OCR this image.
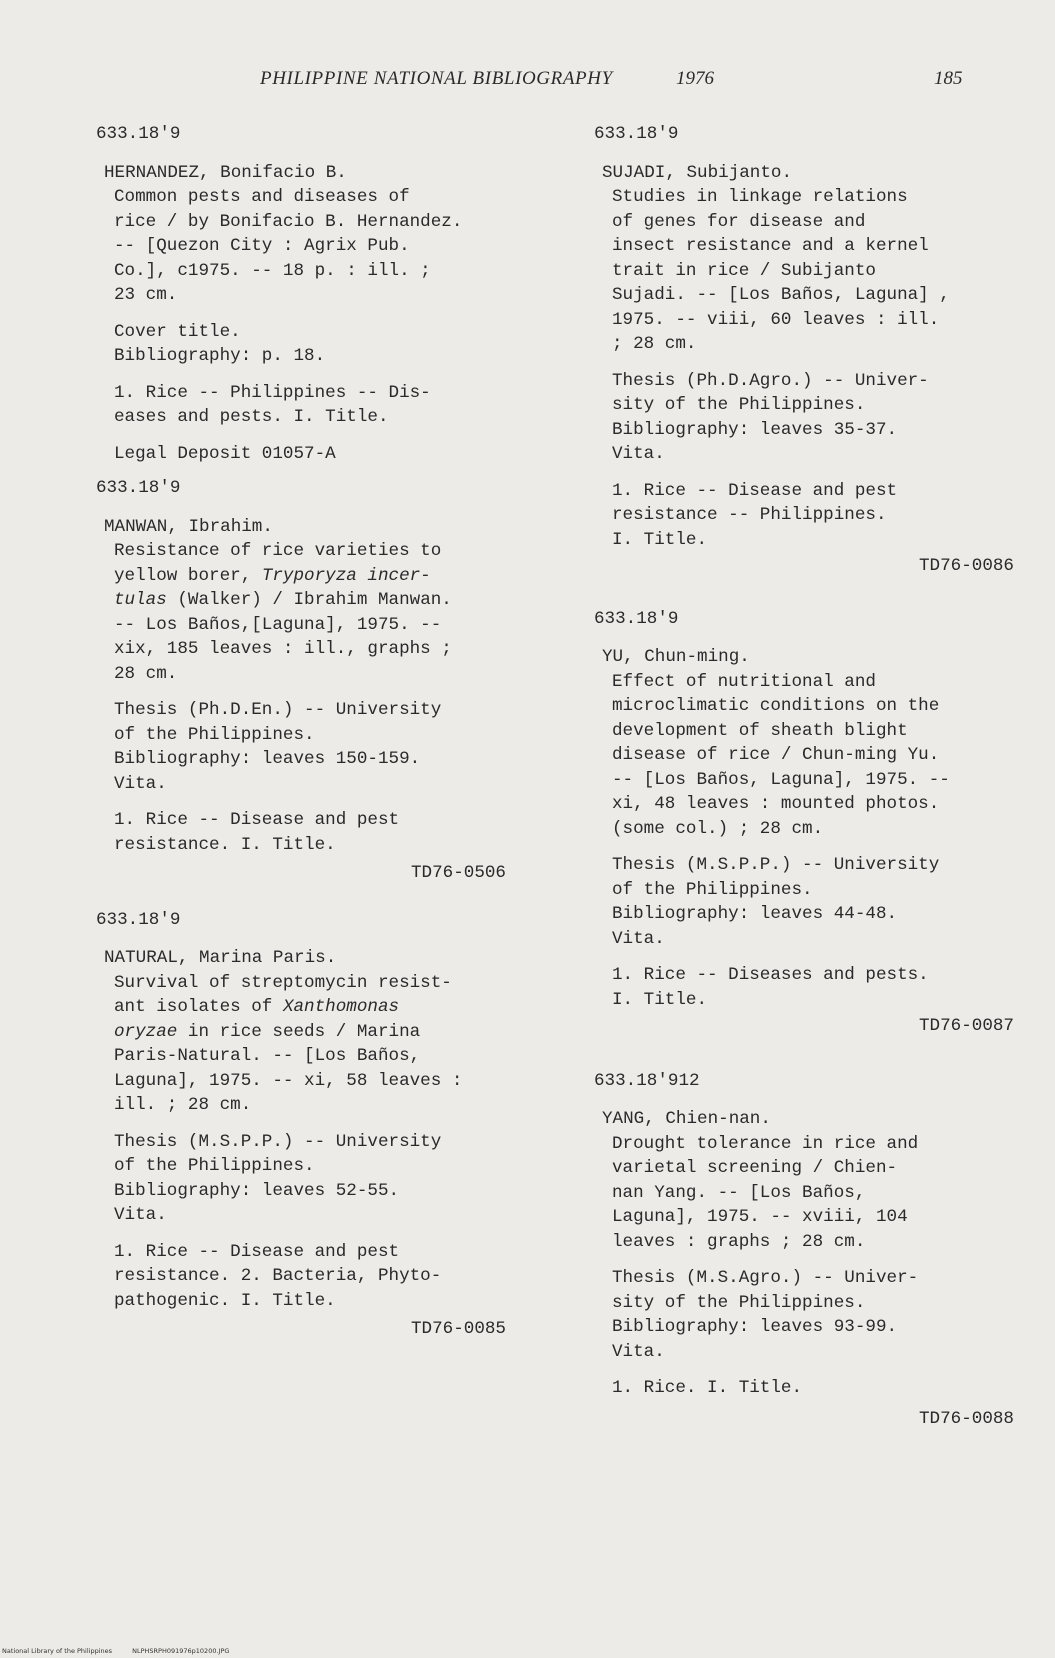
PHILIPPINE NATIONAL BIBLIOGRAPHY	1976	185
633.18'9
HERNANDEZ, Bonifacio B.
Common pests and diseases of
rice / by Bonifacio B. Hernandez.
-- [Quezon City : Agrix Pub.
Co.], c1975. -- 18 p. : ill. ;
23 cm.
Cover title.
Bibliography: p. 18.
1. Rice -- Philippines -- Dis-
eases and pests. I. Title.
Legal Deposit 01057-A
633.18'9
MANWAN, Ibrahim.
Resistance of rice varieties to
yellow borer, Tryporyza incer-
tulas (Walker) / Ibrahim Manwan.
-- Los Baños,[Laguna], 1975. --
xix, 185 leaves : ill., graphs ;
28 cm.
Thesis (Ph.D.En.) -- University
of the Philippines.
Bibliography: leaves 150-159.
Vita.
1. Rice -- Disease and pest
resistance. I. Title.
TD76-0506
633.18'9
NATURAL, Marina Paris.
Survival of streptomycin resist-
ant isolates of Xanthomonas
oryzae in rice seeds / Marina
Paris-Natural. -- [Los Baños,
Laguna], 1975. -- xi, 58 leaves :
ill. ; 28 cm.
Thesis (M.S.P.P.) -- University
of the Philippines.
Bibliography: leaves 52-55.
Vita.
1. Rice -- Disease and pest
resistance. 2. Bacteria, Phyto-
pathogenic. I. Title.
TD76-0085
633.18'9
SUJADI, Subijanto.
Studies in linkage relations
of genes for disease and
insect resistance and a kernel
trait in rice / Subijanto
Sujadi. -- [Los Baños, Laguna] ,
1975. -- viii, 60 leaves : ill.
; 28 cm.
Thesis (Ph.D.Agro.) -- Univer-
sity of the Philippines.
Bibliography: leaves 35-37.
Vita.
1. Rice -- Disease and pest
resistance -- Philippines.
I. Title.
TD76-0086
633.18'9
YU, Chun-ming.
Effect of nutritional and
microclimatic conditions on the
development of sheath blight
disease of rice / Chun-ming Yu.
-- [Los Baños, Laguna], 1975. --
xi, 48 leaves : mounted photos.
(some col.) ; 28 cm.
Thesis (M.S.P.P.) -- University
of the Philippines.
Bibliography: leaves 44-48.
Vita.
1. Rice -- Diseases and pests.
I. Title.
TD76-0087
633.18'912
YANG, Chien-nan.
Drought tolerance in rice and
varietal screening / Chien-
nan Yang. -- [Los Baños,
Laguna], 1975. -- xviii, 104
leaves : graphs ; 28 cm.
Thesis (M.S.Agro.) -- Univer-
sity of the Philippines.
Bibliography: leaves 93-99.
Vita.
1. Rice. I. Title.
TD76-0088
National Library of the Philippines	NLPHSRPH091976p10200.JPG
